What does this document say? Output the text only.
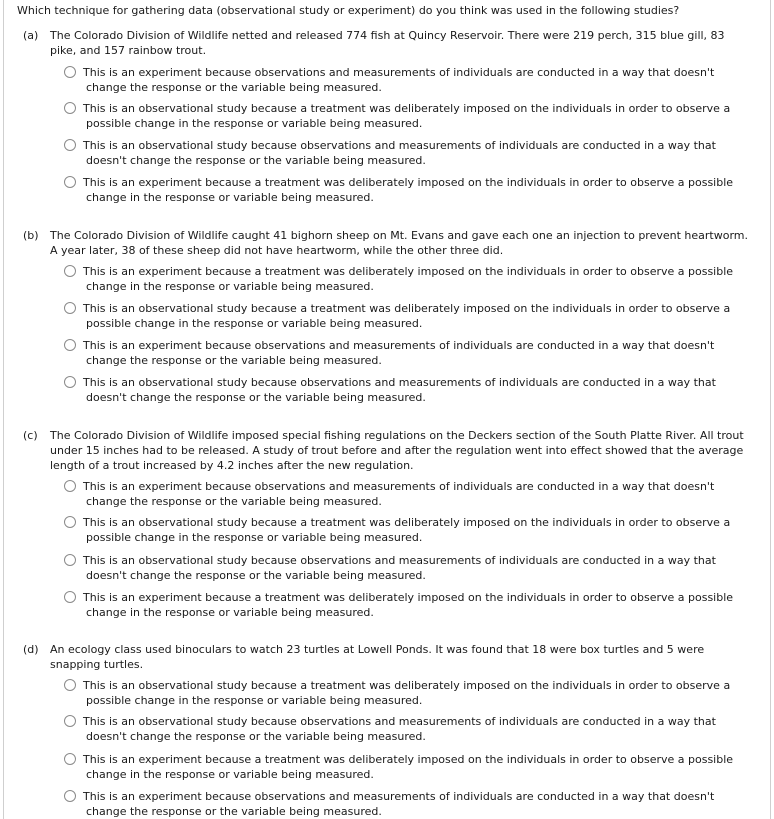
Which technique for gathering data (observational study or experiment) do you think was used in the following studies?
(a) The Colorado Division of Wildlife netted and released 774 fish at Quincy Reservoir. There were 219 perch, 315 blue gill, 83
pike, and 157 rainbow trout.
This is an experiment because observations and measurements of individuals are conducted in a way that doesn't
change the response or the variable being measured.
This is an observational study because a treatment was deliberately imposed on the individuals in order to observe a
possible change in the response or variable being measured.
This is an observational study because observations and measurements of individuals are conducted in a way that
doesn't change the response or the variable being measured.
This is an experiment because a treatment was deliberately imposed on the individuals in order to observe a possible
change in the response or variable being measured.
(b) The Colorado Division of Wildlife caught 41 bighorn sheep on Mt. Evans and gave each one an injection to prevent heartworm.
A year later, 38 of these sheep did not have heartworm, while the other three did.
This is an experiment because a treatment was deliberately imposed on the individuals in order to observe a possible
change in the response or variable being measured.
This is an observational study because a treatment was deliberately imposed on the individuals in order to observe a
possible change in the response or variable being measured.
This is an experiment because observations and measurements of individuals are conducted in a way that doesn't
change the response or the variable being measured.
This is an observational study because observations and measurements of individuals are conducted in a way that
doesn't change the response or the variable being measured.
(c) The Colorado Division of Wildlife imposed special fishing regulations on the Deckers section of the South Platte River. All trout
under 15 inches had to be released. A study of trout before and after the regulation went into effect showed that the average
length of a trout increased by 4.2 inches after the new regulation.
This is an experiment because observations and measurements of individuals are conducted in a way that doesn't
change the response or the variable being measured.
This is an observational study because a treatment was deliberately imposed on the individuals in order to observe a
possible change in the response or variable being measured.
This is an observational study because observations and measurements of individuals are conducted in a way that
doesn't change the response or the variable being measured.
This is an experiment because a treatment was deliberately imposed on the individuals in order to observe a possible
change in the response or variable being measured.
(d) An ecology class used binoculars to watch 23 turtles at Lowell Ponds. It was found that 18 were box turtles and 5 were
snapping turtles.
This is an observational study because a treatment was deliberately imposed on the individuals in order to observe a
possible change in the response or variable being measured.
This is an observational study because observations and measurements of individuals are conducted in a way that
doesn't change the response or the variable being measured.
This is an experiment because a treatment was deliberately imposed on the individuals in order to observe a possible
change in the response or variable being measured.
This is an experiment because observations and measurements of individuals are conducted in a way that doesn't
change the response or the variable being measured.
